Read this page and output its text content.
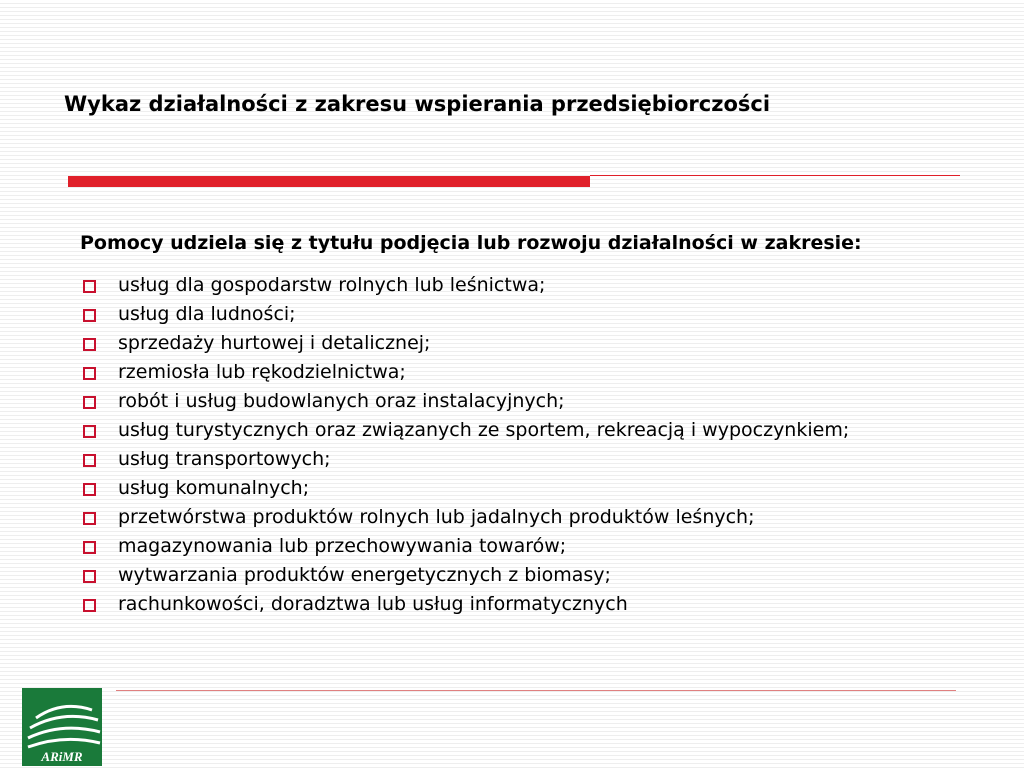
Wykaz działalności z zakresu wspierania przedsiębiorczości

Pomocy udziela się z tytułu podjęcia lub rozwoju działalności w zakresie:

usług dla gospodarstw rolnych lub leśnictwa;
usług dla ludności;
sprzedaży hurtowej i detalicznej;
rzemiosła lub rękodzielnictwa;
robót i usług budowlanych oraz instalacyjnych;
usług turystycznych oraz związanych ze sportem, rekreacją i wypoczynkiem;
usług transportowych;
usług komunalnych;
przetwórstwa produktów rolnych lub jadalnych produktów leśnych;
magazynowania lub przechowywania towarów;
wytwarzania produktów energetycznych z biomasy;
rachunkowości, doradztwa lub usług informatycznych
ARiMR
